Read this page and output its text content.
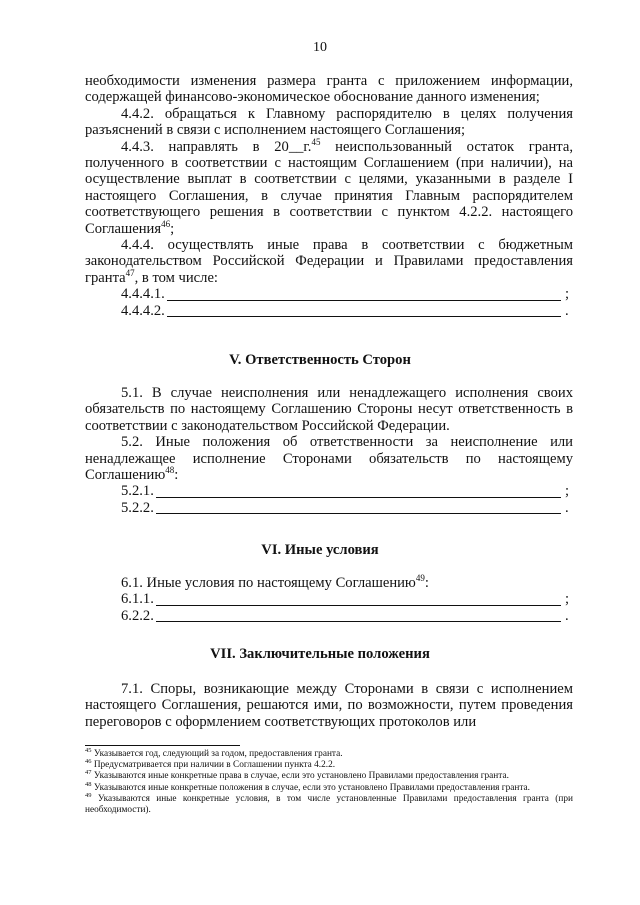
10

необходимости изменения размера гранта с приложением информации, содержащей финансово-экономическое обоснование данного изменения;

4.4.2. обращаться к Главному распорядителю в целях получения разъяснений в связи с исполнением настоящего Соглашения;

4.4.3. направлять в 20__г.$^{45}$ неиспользованный остаток гранта, полученного в соответствии с настоящим Соглашением (при наличии), на осуществление выплат в соответствии с целями, указанными в разделе I настоящего Соглашения, в случае принятия Главным распорядителем соответствующего решения в соответствии с пунктом 4.2.2. настоящего Соглашения$^{46}$;

4.4.4. осуществлять иные права в соответствии с бюджетным законодательством Российской Федерации и Правилами предоставления гранта$^{47}$, в том числе:

4.4.4.1.	;
4.4.4.2.	.
V. Ответственность Сторон

5.1. В случае неисполнения или ненадлежащего исполнения своих обязательств по настоящему Соглашению Стороны несут ответственность в соответствии с законодательством Российской Федерации.

5.2. Иные положения об ответственности за неисполнение или ненадлежащее исполнение Сторонами обязательств по настоящему Соглашению$^{48}$:

5.2.1.	;
5.2.2.	.
VI. Иные условия

6.1. Иные условия по настоящему Соглашению$^{49}$:

6.1.1.	;
6.2.2.	.
VII. Заключительные положения

7.1. Споры, возникающие между Сторонами в связи с исполнением настоящего Соглашения, решаются ими, по возможности, путем проведения переговоров с оформлением соответствующих протоколов или

$^{45}$ Указывается год, следующий за годом, предоставления гранта.
$^{46}$ Предусматривается при наличии в Соглашении пункта 4.2.2.
$^{47}$ Указываются иные конкретные права в случае, если это установлено Правилами предоставления гранта.
$^{48}$ Указываются иные конкретные положения в случае, если это установлено Правилами предоставления гранта.
$^{49}$ Указываются иные конкретные условия, в том числе установленные Правилами предоставления гранта (при необходимости).
